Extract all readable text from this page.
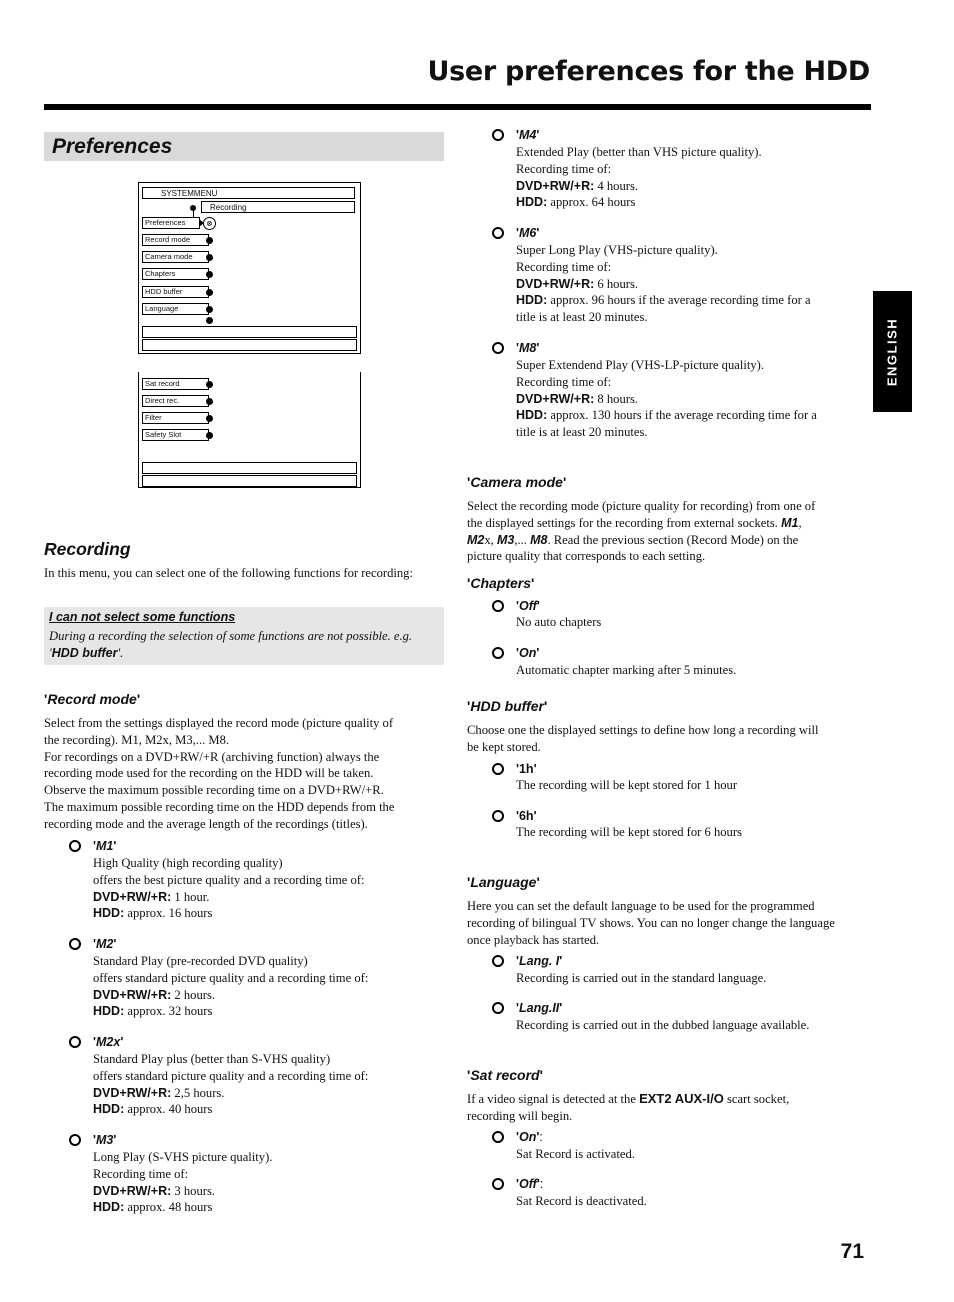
User preferences for the HDD
ENGLISH
Preferences
SYSTEMMENU
Recording
Preferences	⊗
Record mode
Camera mode
Chapters
HDD buffer
Language
Sat record
Direct rec.
Filter
Safety Slot
Recording

In this menu, you can select one of the following functions for recording:

I can not select some functions
During a recording the selection of some functions are not possible. e.g. 'HDD buffer'.
'Record mode'
Select from the settings displayed the record mode (picture quality of
the recording). M1, M2x, M3,... M8.
For recordings on a DVD+RW/+R (archiving function) always the
recording mode used for the recording on the HDD will be taken.
Observe the maximum possible recording time on a DVD+RW/+R.
The maximum possible recording time on the HDD depends from the
recording mode and the average length of the recordings (titles).
'M1'
High Quality (high recording quality)
offers the best picture quality and a recording time of:
DVD+RW/+R: 1 hour.
HDD: approx. 16 hours
'M2'
Standard Play (pre-recorded DVD quality)
offers standard picture quality and a recording time of:
DVD+RW/+R: 2 hours.
HDD: approx. 32 hours
'M2x'
Standard Play plus (better than S-VHS quality)
offers standard picture quality and a recording time of:
DVD+RW/+R: 2,5 hours.
HDD: approx. 40 hours
'M3'
Long Play (S-VHS picture quality).
Recording time of:
DVD+RW/+R: 3 hours.
HDD: approx. 48 hours
'M4'
Extended Play (better than VHS picture quality).
Recording time of:
DVD+RW/+R: 4 hours.
HDD: approx. 64 hours
'M6'
Super Long Play (VHS-picture quality).
Recording time of:
DVD+RW/+R: 6 hours.
HDD: approx. 96 hours if the average recording time for a
title is at least 20 minutes.
'M8'
Super Extendend Play (VHS-LP-picture quality).
Recording time of:
DVD+RW/+R: 8 hours.
HDD: approx. 130 hours if the average recording time for a
title is at least 20 minutes.
'Camera mode'
Select the recording mode (picture quality for recording) from one of
the displayed settings for the recording from external sockets. M1,
M2x, M3,... M8. Read the previous section (Record Mode) on the
picture quality that corresponds to each setting.
'Chapters'
'Off'
No auto chapters
'On'
Automatic chapter marking after 5 minutes.
'HDD buffer'
Choose one the displayed settings to define how long a recording will
be kept stored.
'1h'
The recording will be kept stored for 1 hour
'6h'
The recording will be kept stored for 6 hours
'Language'
Here you can set the default language to be used for the programmed
recording of bilingual TV shows. You can no longer change the language
once playback has started.
'Lang. I'
Recording is carried out in the standard language.
'Lang.II'
Recording is carried out in the dubbed language available.
'Sat record'
If a video signal is detected at the EXT2 AUX-I/O scart socket,
recording will begin.
'On':
Sat Record is activated.
'Off':
Sat Record is deactivated.
71
